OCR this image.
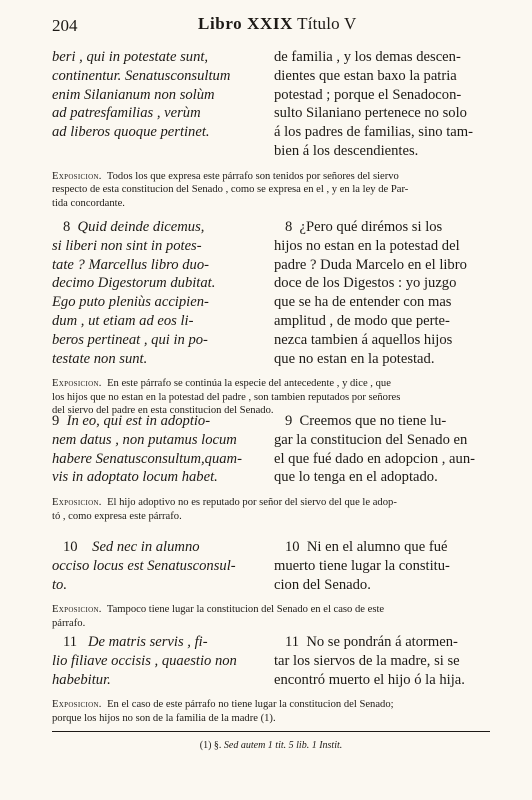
204	Libro XXIX Título V
beri , qui in potestate sunt,
continentur. Senatusconsultum
enim Silanianum non solùm
ad patresfamilias , verùm
ad liberos quoque pertinet.
de familia , y los demas descen-
dientes que estan baxo la patria
potestad ; porque el Senadocon-
sulto Silaniano pertenece no solo
á los padres de familias, sino tam-
bien á los descendientes.
Exposicion. Todos los que expresa este párrafo son tenidos por señores del siervo
respecto de esta constitucion del Senado , como se expresa en el , y en la ley de Par-
tida concordante.
8 Quid deinde dicemus,
si liberi non sint in potes-
tate ? Marcellus libro duo-
decimo Digestorum dubitat.
Ego puto pleniùs accipien-
dum , ut etiam ad eos li-
beros pertineat , qui in po-
testate non sunt.
8 ¿Pero qué dirémos si los
hijos no estan en la potestad del
padre ? Duda Marcelo en el libro
doce de los Digestos : yo juzgo
que se ha de entender con mas
amplitud , de modo que perte-
nezca tambien á aquellos hijos
que no estan en la potestad.
Exposicion. En este párrafo se continúa la especie del antecedente , y dice , que
los hijos que no estan en la potestad del padre , son tambien reputados por señores
del siervo del padre en esta constitucion del Senado.
9 In eo, qui est in adoptio-
nem datus , non putamus locum
habere Senatusconsultum,quam-
vis in adoptato locum habet.
9 Creemos que no tiene lu-
gar la constitucion del Senado en
el que fué dado en adopcion , aun-
que lo tenga en el adoptado.
Exposicion. El hijo adoptivo no es reputado por señor del siervo del que le adop-
tó , como expresa este párrafo.
10 Sed nec in alumno
occiso locus est Senatusconsul-
to.
10 Ni en el alumno que fué
muerto tiene lugar la constitu-
cion del Senado.
Exposicion. Tampoco tiene lugar la constitucion del Senado en el caso de este
párrafo.
11 De matris servis , fi-
lio filiave occisis , quaestio non
habebitur.
11 No se pondrán á atormen-
tar los siervos de la madre, si se
encontró muerto el hijo ó la hija.
Exposicion. En el caso de este párrafo no tiene lugar la constitucion del Senado;
porque los hijos no son de la familia de la madre (1).
(1) §. Sed autem 1 tit. 5 lib. 1 Instit.
